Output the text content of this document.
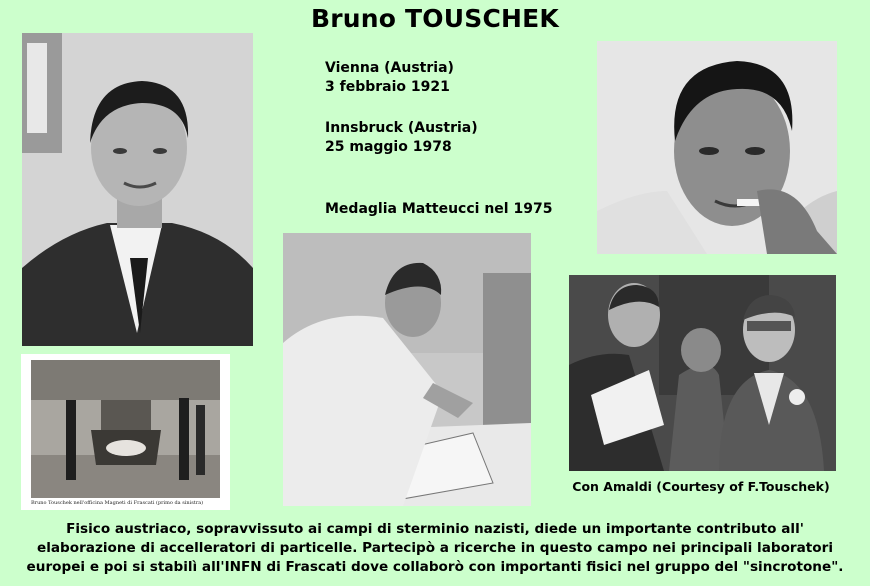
Bruno TOUSCHEK
Vienna (Austria)
3 febbraio 1921
Innsbruck (Austria)
25 maggio 1978
Medaglia Matteucci nel 1975
Bruno Touschek nell'officina Magneti di Frascati (primo da sinistra)
Con Amaldi (Courtesy of F.Touschek)
Fisico austriaco, sopravvissuto ai campi di sterminio nazisti, diede un importante contributo all'
elaborazione di accelleratori di particelle. Partecipò a ricerche in questo campo nei principali laboratori
europei e poi si stabilì all'INFN di Frascati dove collaborò con importanti fisici nel gruppo del "sincrotone".
